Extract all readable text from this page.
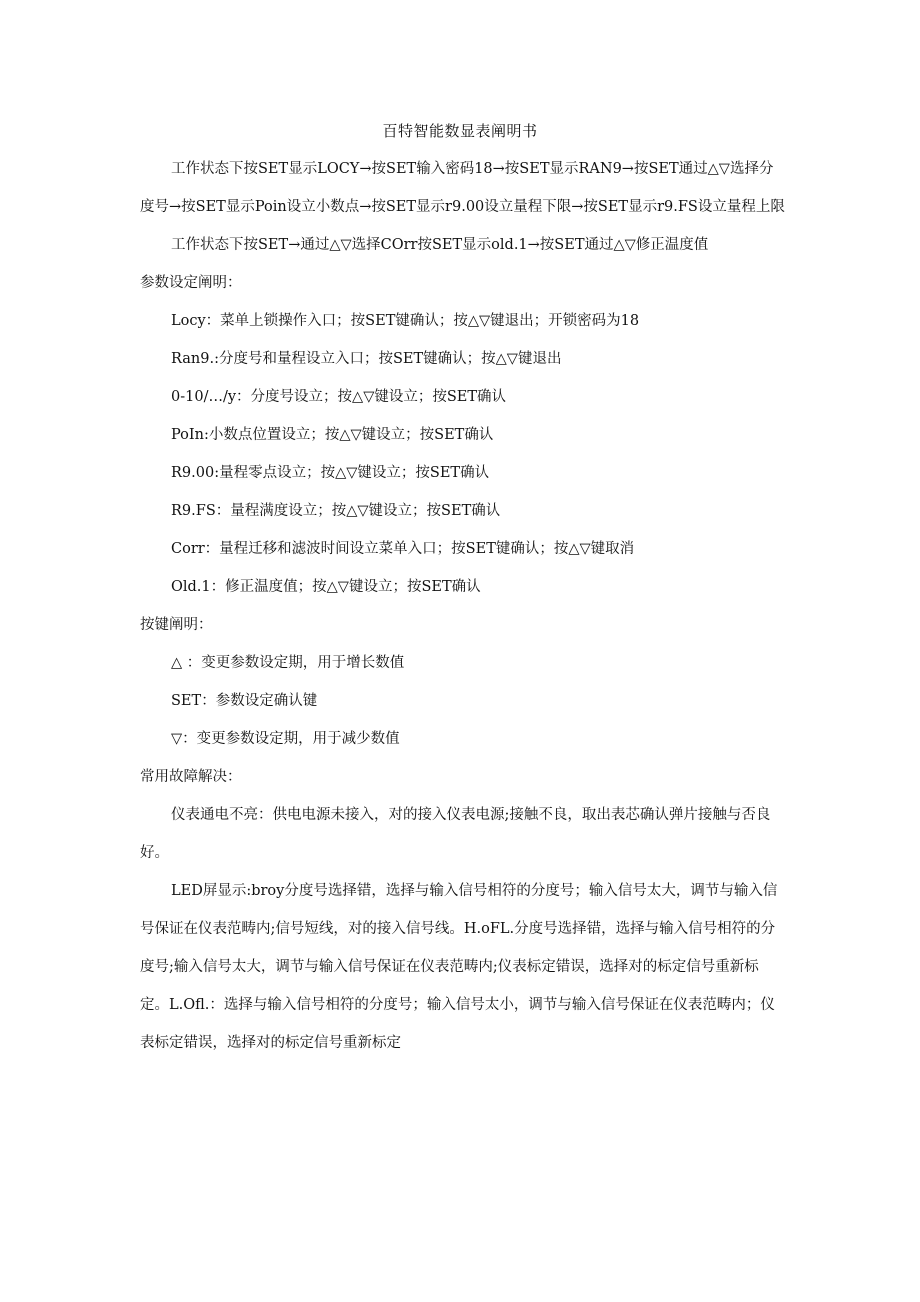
百特智能数显表阐明书

工作状态下按SET显示LOCY→按SET输入密码18→按SET显示RAN9→按SET通过△▽选择分度号→按SET显示Poin设立小数点→按SET显示r9.00设立量程下限→按SET显示r9.FS设立量程上限

工作状态下按SET→通过△▽选择COrr按SET显示old.1→按SET通过△▽修正温度值

参数设定阐明：

Locy：菜单上锁操作入口；按SET键确认；按△▽键退出；开锁密码为18

Ran9.:分度号和量程设立入口；按SET键确认；按△▽键退出

0-10/…/y：分度号设立；按△▽键设立；按SET确认

PoIn:小数点位置设立；按△▽键设立；按SET确认

R9.00:量程零点设立；按△▽键设立；按SET确认

R9.FS：量程满度设立；按△▽键设立；按SET确认

Corr：量程迁移和滤波时间设立菜单入口；按SET键确认；按△▽键取消

Old.1：修正温度值；按△▽键设立；按SET确认

按键阐明：

△ ：变更参数设定期，用于增长数值

SET：参数设定确认键

▽：变更参数设定期，用于减少数值

常用故障解决：

仪表通电不亮：供电电源未接入，对的接入仪表电源;接触不良，取出表芯确认弹片接触与否良好。

LED屏显示:broy分度号选择错，选择与输入信号相符的分度号；输入信号太大，调节与输入信号保证在仪表范畴内;信号短线，对的接入信号线。H.oFL.分度号选择错，选择与输入信号相符的分度号;输入信号太大，调节与输入信号保证在仪表范畴内;仪表标定错误，选择对的标定信号重新标定。L.Ofl.：选择与输入信号相符的分度号；输入信号太小，调节与输入信号保证在仪表范畴内；仪表标定错误，选择对的标定信号重新标定
